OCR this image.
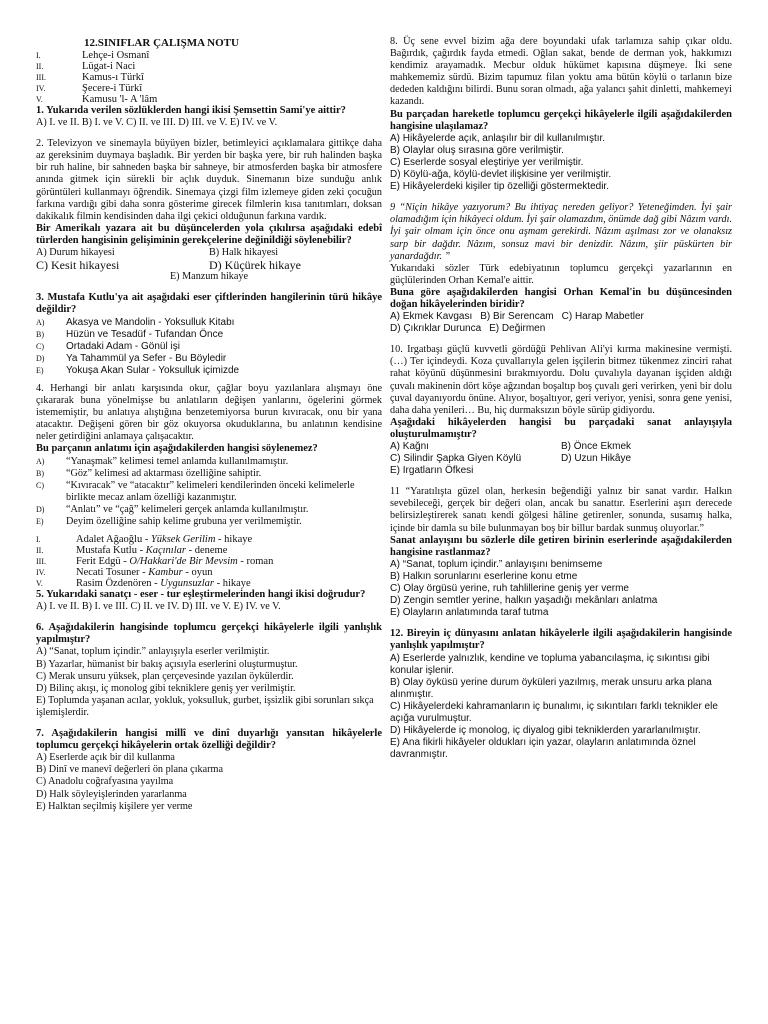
12.SINIFLAR ÇALIŞMA NOTU
I.	Lehçe-i Osmanî
II.	Lügat-i Naci
III.	Kamus-ı Türkî
IV.	Şecere-i Türkî
V.	Kamusu 'l- A 'lâm
1. Yukarıda verilen sözlüklerden hangi ikisi Şemsettin Sami'ye aittir?
A) I. ve II. B) I. ve V. C) II. ve III. D) III. ve V. E) IV. ve V.
2. Televizyon ve sinemayla büyüyen bizler, betimleyici açıklamalara gittikçe daha az gereksinim duymaya başladık. Bir yerden bir başka yere, bir ruh halinden başka bir ruh haline, bir sahneden başka bir sahneye, bir atmosferden başka bir atmosfere anında gitmek için sürekli bir açlık duyduk. Sinemanın bize sunduğu anlık görüntüleri kullanmayı öğrendik. Sinemaya çizgi film izlemeye giden zeki çocuğun farkına vardığı gibi daha sonra gösterime girecek filmlerin kısa tanıtımları, doksan dakikalık filmin kendisinden daha ilgi çekici olduğunun farkına vardık.
Bir Amerikalı yazara ait bu düşüncelerden yola çıkılırsa aşağıdaki edebî türlerden hangisinin gelişiminin gerekçelerine değinildiği söylenebilir?
A) Durum hikayesi	B) Halk hikayesi
C) Kesit hikayesi	D) Küçürek hikaye
E) Manzum hikaye
3. Mustafa Kutlu'ya ait aşağıdaki eser çiftlerinden hangilerinin türü hikâye değildir?
A)	Akasya ve Mandolin - Yoksulluk Kitabı
B)	Hüzün ve Tesadüf - Tufandan Önce
C)	Ortadaki Adam - Gönül işi
D)	Ya Tahammül ya Sefer - Bu Böyledir
E)	Yokuşa Akan Sular - Yoksulluk içimizde
4. Herhangi bir anlatı karşısında okur, çağlar boyu yazılanlara alışmayı öne çıkararak buna yönelmişse bu anlatıların değişen yanlarını, ögelerini görmek istememiştir, bu anlatıya alıştığına benzetemiyorsa burun kıvıracak, onu bir yana atacaktır. Değişeni gören bir göz okuyorsa okuduklarına, bu anlatının kendisine neler getirdiğini anlamaya çalışacaktır.
Bu parçanın anlatımı için aşağıdakilerden hangisi söylenemez?
A)	“Yanaşmak” kelimesi temel anlamda kullanılmamıştır.
B)	“Göz” kelimesi ad aktarması özelliğine sahiptir.
C)	“Kıvıracak” ve “atacaktır” kelimeleri kendilerinden önceki kelimelerle birlikte mecaz anlam özelliği kazanmıştır.
D)	“Anlatı” ve “çağ” kelimeleri gerçek anlamda kullanılmıştır.
E)	Deyim özelliğine sahip kelime grubuna yer verilmemiştir.
I.	Adalet Ağaoğlu - Yüksek Gerilim - hikaye
II.	Mustafa Kutlu - Kaçınılar - deneme
III.	Ferit Edgü - O/Hakkari'de Bir Mevsim - roman
IV.	Necati Tosuner - Kambur - oyun
V.	Rasim Özdenören - Uygunsuzlar - hikaye
5. Yukarıdaki sanatçı - eser - tur eşleştirmelerinden hangi ikisi doğrudur?
A) I. ve II. B) I. ve III. C) II. ve IV. D) III. ve V. E) IV. ve V.
6. Aşağıdakilerin hangisinde toplumcu gerçekçi hikâyelerle ilgili yanlışlık yapılmıştır?
A) “Sanat, toplum içindir.” anlayışıyla eserler verilmiştir.
B) Yazarlar, hümanist bir bakış açısıyla eserlerini oluşturmuştur.
C) Merak unsuru yüksek, plan çerçevesinde yazılan öykülerdir.
D) Bilinç akışı, iç monolog gibi tekniklere geniş yer verilmiştir.
E) Toplumda yaşanan acılar, yokluk, yoksulluk, gurbet, işsizlik gibi sorunları sıkça işlemişlerdir.
7. Aşağıdakilerin hangisi millî ve dinî duyarlığı yansıtan hikâyelerle toplumcu gerçekçi hikâyelerin ortak özelliği değildir?
A) Eserlerde açık bir dil kullanma
B) Dinî ve manevî değerleri ön plana çıkarma
C) Anadolu coğrafyasına yayılma
D) Halk söyleyişlerinden yararlanma
E) Halktan seçilmiş kişilere yer verme
8. Üç sene evvel bizim ağa dere boyundaki ufak tarlamıza sahip çıkar oldu. Bağırdık, çağırdık fayda etmedi. Oğlan sakat, bende de derman yok, hakkımızı kendimiz arayamadık. Mecbur olduk hükümet kapısına düşmeye. İki sene mahkememiz sürdü. Bizim tapumuz filan yoktu ama bütün köylü o tarlanın bize dededen kaldığını bilirdi. Bunu soran olmadı, ağa yalancı şahit dinletti, mahkemeyi kazandı.
Bu parçadan hareketle toplumcu gerçekçi hikâyelerle ilgili aşağıdakilerden hangisine ulaşılamaz?
A) Hikâyelerde açık, anlaşılır bir dil kullanılmıştır.
B) Olaylar oluş sırasına göre verilmiştir.
C) Eserlerde sosyal eleştiriye yer verilmiştir.
D) Köylü-ağa, köylü-devlet ilişkisine yer verilmiştir.
E) Hikâyelerdeki kişiler tip özelliği göstermektedir.
9 “Niçin hikâye yazıyorum? Bu ihtiyaç nereden geliyor? Yeteneğimden. İyi şair olamadığım için hikâyeci oldum. İyi şair olamazdım, önümde dağ gibi Nâzım vardı. İyi şair olmam için önce onu aşmam gerekirdi. Nâzım aşılması zor ve olanaksız sarp bir dağdır. Nâzım, sonsuz mavi bir denizdir. Nâzım, şiir püskürten bir yanardağdır. ”
Yukarıdaki sözler Türk edebiyatının toplumcu gerçekçi yazarlarının en güçlülerinden Orhan Kemal'e aittir.
Buna göre aşağıdakilerden hangisi Orhan Kemal'in bu düşüncesinden doğan hikâyelerinden biridir?
A) Ekmek Kavgası B) Bir Serencam C) Harap Mabetler
D) Çıkrıklar Durunca E) Değirmen
10. Irgatbaşı güçlü kuvvetli gördüğü Pehlivan Ali'yi kırma makinesine vermişti. (…) Ter içindeydi. Koza çuvallarıyla gelen işçilerin bitmez tükenmez zinciri rahat rahat köyünü düşünmesini bırakmıyordu. Dolu çuvalıyla dayanan işçiden aldığı çuvalı makinenin dört köşe ağzından boşaltıp boş çuvalı geri verirken, yeni bir dolu çuval dayanıyordu önüne. Alıyor, boşaltıyor, geri veriyor, yenisi, sonra gene yenisi, daha daha yenileri… Bu, hiç durmaksızın böyle sürüp gidiyordu.
Aşağıdaki hikâyelerden hangisi bu parçadaki sanat anlayışıyla oluşturulmamıştır?
A) Kağnı	B) Önce Ekmek
C) Silindir Şapka Giyen Köylü	D) Uzun Hikâye
E) Irgatların Öfkesi
11 “Yaratılışta güzel olan, herkesin beğendiği yalnız bir sanat vardır. Halkın sevebileceği, gerçek bir değeri olan, ancak bu sanattır. Eserlerini aşırı derecede belirsizleştirerek sanatı kendi gölgesi hâline getirenler, sonunda, susamış halka, içinde bir damla su bile bulunmayan boş bir billur bardak sunmuş oluyorlar.”
Sanat anlayışını bu sözlerle dile getiren birinin eserlerinde aşağıdakilerden hangisine rastlanmaz?
A) “Sanat, toplum içindir.” anlayışını benimseme
B) Halkın sorunlarını eserlerine konu etme
C) Olay örgüsü yerine, ruh tahlillerine geniş yer verme
D) Zengin semtler yerine, halkın yaşadığı mekânları anlatma
E) Olayların anlatımında taraf tutma
12. Bireyin iç dünyasını anlatan hikâyelerle ilgili aşağıdakilerin hangisinde yanlışlık yapılmıştır?
A) Eserlerde yalnızlık, kendine ve topluma yabancılaşma, iç sıkıntısı gibi konular işlenir.
B) Olay öyküsü yerine durum öyküleri yazılmış, merak unsuru arka plana alınmıştır.
C) Hikâyelerdeki kahramanların iç bunalımı, iç sıkıntıları farklı teknikler ele açığa vurulmuştur.
D) Hikâyelerde iç monolog, iç diyalog gibi tekniklerden yararlanılmıştır.
E) Ana fikirli hikâyeler oldukları için yazar, olayların anlatımında öznel davranmıştır.
